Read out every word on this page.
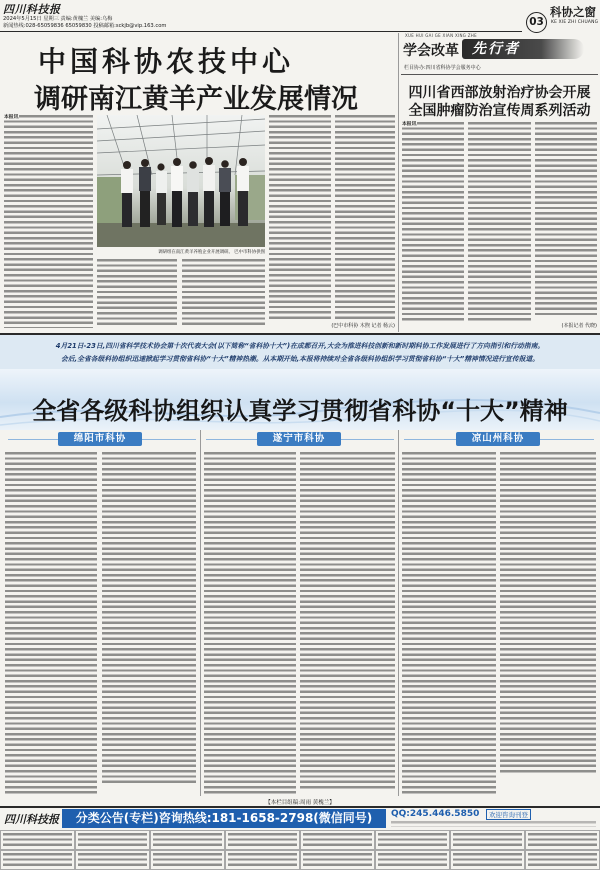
四川科技报
2024年5月15日 星期三 责编:黄槐兰 美编:乌梅
新闻热线:028-65059836 65059830 投稿邮箱:sckjb@vip.163.com	03
科协之窗
KE XIE ZHI CHUANG
中国科协农技中心
调研南江黄羊产业发展情况
本报讯
调研组在南江黄羊养殖企业开展调研。 巴中市科协供图
(巴中市科协 木煦 记者 杨云)
XUE HUI GAI GE XIAN XING ZHE
学会改革 先行者
栏目协办:四川省科协学会服务中心
四川省西部放射治疗协会开展
全国肿瘤防治宣传周系列活动
本报讯
(本报记者 代晓)
4月21日-23日,四川省科学技术协会第十次代表大会(以下简称“省科协十大”)在成都召开,大会为推进科技创新和新时期科协工作发展进行了方向指引和行动指南。
会后,全省各级科协组织迅速掀起学习贯彻省科协“十大”精神热潮。从本期开始,本报将持续对全省各级科协组织学习贯彻省科协“十大”精神情况进行宣传报道。
全省各级科协组织认真学习贯彻省科协“十大”精神
绵阳市科协	遂宁市科协	凉山州科协
【本栏目组稿:周雨 黄槐兰】
四川科技报	分类公告(专栏)咨询热线:181-1658-2798(微信同号)	QQ:245.446.5850	欢迎咨询刊登
